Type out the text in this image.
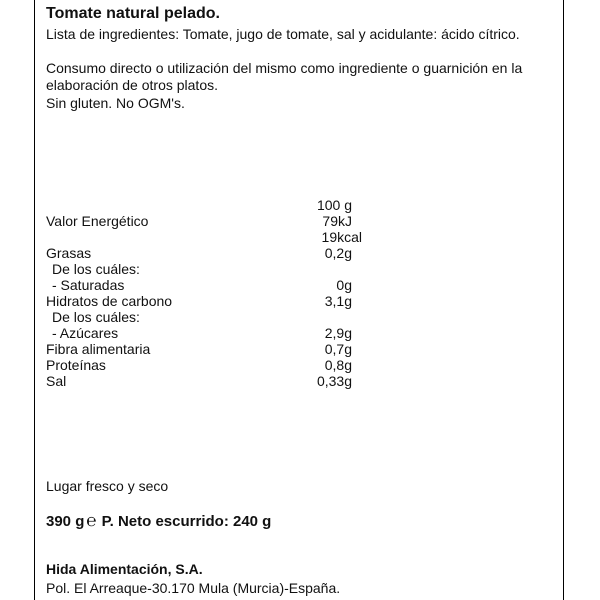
Tomate natural pelado.
Lista de ingredientes: Tomate, jugo de tomate, sal y acidulante: ácido cítrico.
Consumo directo o utilización del mismo como ingrediente o guarnición en la
elaboración de otros platos.
Sin gluten. No OGM's.
100 g
Valor Energético	79kJ
19kcal
Grasas	0,2g
De los cuáles:
- Saturadas	0g
Hidratos de carbono	3,1g
De los cuáles:
- Azúcares	2,9g
Fibra alimentaria	0,7g
Proteínas	0,8g
Sal	0,33g
Lugar fresco y seco
390 g ℮ P. Neto escurrido: 240 g
Hida Alimentación, S.A.
Pol. El Arreaque-30.170 Mula (Murcia)-España.
